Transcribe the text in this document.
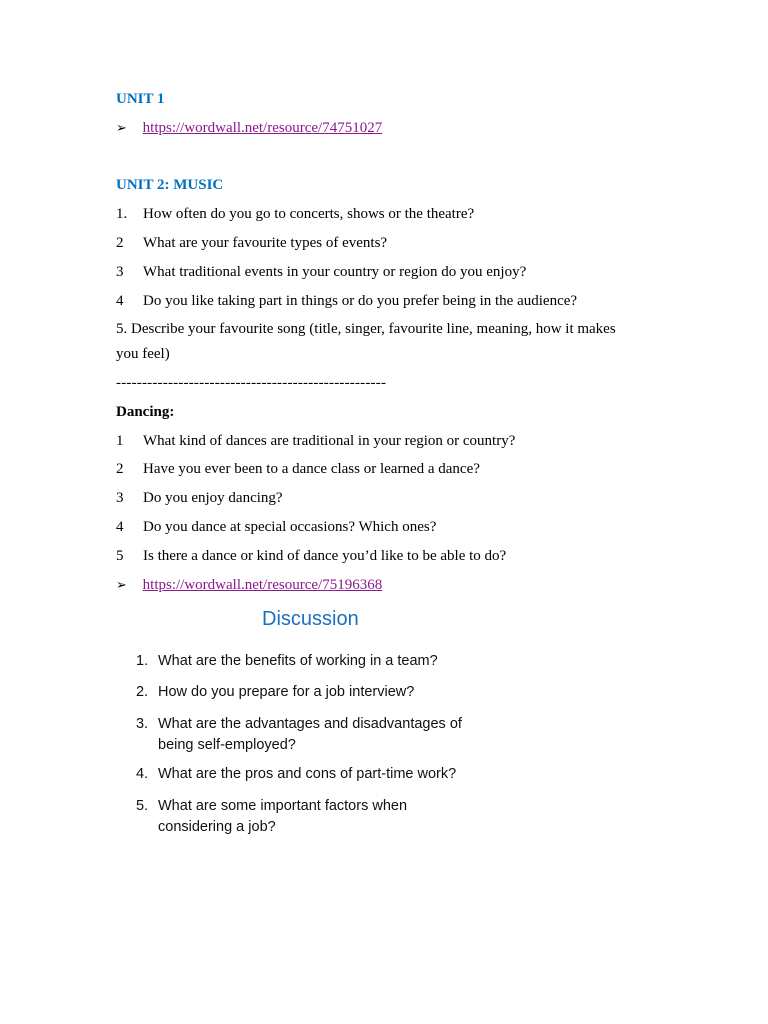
UNIT 1
➢ https://wordwall.net/resource/74751027
UNIT 2: MUSIC
1. How often do you go to concerts, shows or the theatre?
2 What are your favourite types of events?
3 What traditional events in your country or region do you enjoy?
4 Do you like taking part in things or do you prefer being in the audience?
5. Describe your favourite song (title, singer, favourite line, meaning, how it makes
you feel)
----------------------------------------------------
Dancing:
1 What kind of dances are traditional in your region or country?
2 Have you ever been to a dance class or learned a dance?
3 Do you enjoy dancing?
4 Do you dance at special occasions? Which ones?
5 Is there a dance or kind of dance you’d like to be able to do?
➢ https://wordwall.net/resource/75196368
Discussion
1. What are the benefits of working in a team?
2. How do you prepare for a job interview?
3. What are the advantages and disadvantages of
being self-employed?
4. What are the pros and cons of part-time work?
5. What are some important factors when
considering a job?
